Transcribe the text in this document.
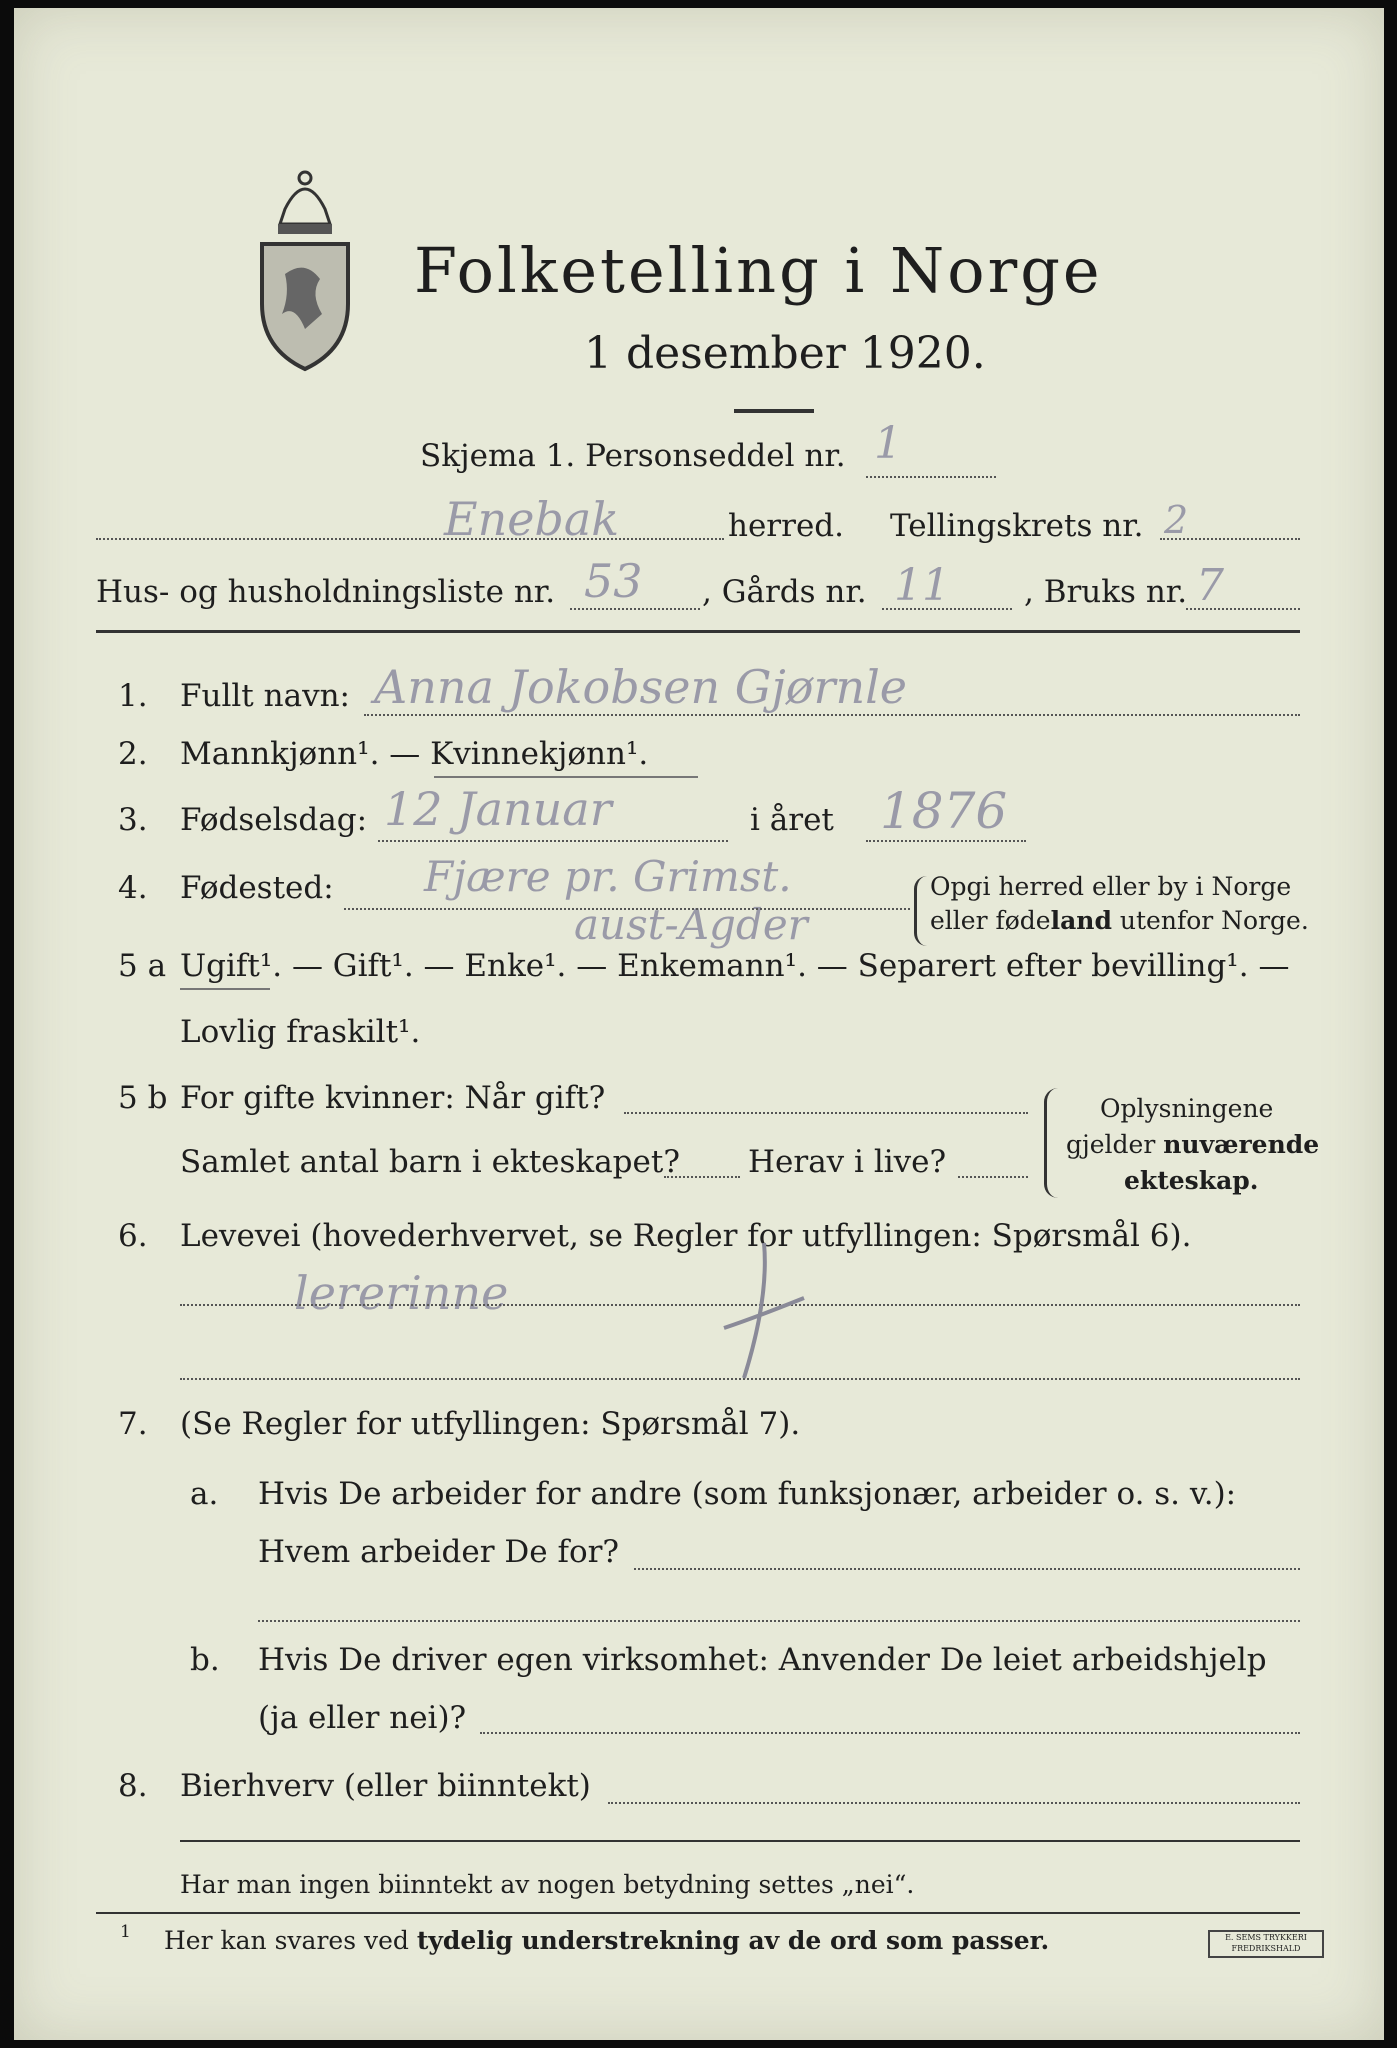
Folketelling i Norge
1 desember 1920.
Skjema 1. Personseddel nr. 1
Enebak	herred. Tellingskrets nr. 2
Hus- og husholdningsliste nr. 53 , Gårds nr. 11 , Bruks nr. 7
1. Fullt navn: Anna Jokobsen Gjørnle
2. Mannkjønn¹. — Kvinnekjønn¹.
3. Fødselsdag: 12 Januar	i året 1876
4. Fødested: Fjære pr. Grimst.
aust-Agder
Opgi herred eller by i Norge
eller fødeland utenfor Norge.
5 a Ugift¹. — Gift¹. — Enke¹. — Enkemann¹. — Separert efter bevilling¹. —
Lovlig fraskilt¹.
5 b For gifte kvinner: Når gift?
Samlet antal barn i ekteskapet? Herav i live?
Oplysningene
gjelder nuværende
ekteskap.
6. Levevei (hovederhvervet, se Regler for utfyllingen: Spørsmål 6).
lererinne
7. (Se Regler for utfyllingen: Spørsmål 7).
a. Hvis De arbeider for andre (som funksjonær, arbeider o. s. v.):
Hvem arbeider De for?
b. Hvis De driver egen virksomhet: Anvender De leiet arbeidshjelp
(ja eller nei)?
8. Bierhverv (eller biinntekt)
Har man ingen biinntekt av nogen betydning settes „nei“.
1 Her kan svares ved tydelig understrekning av de ord som passer.	E. SEMS TRYKKERI
FREDRIKSHALD
